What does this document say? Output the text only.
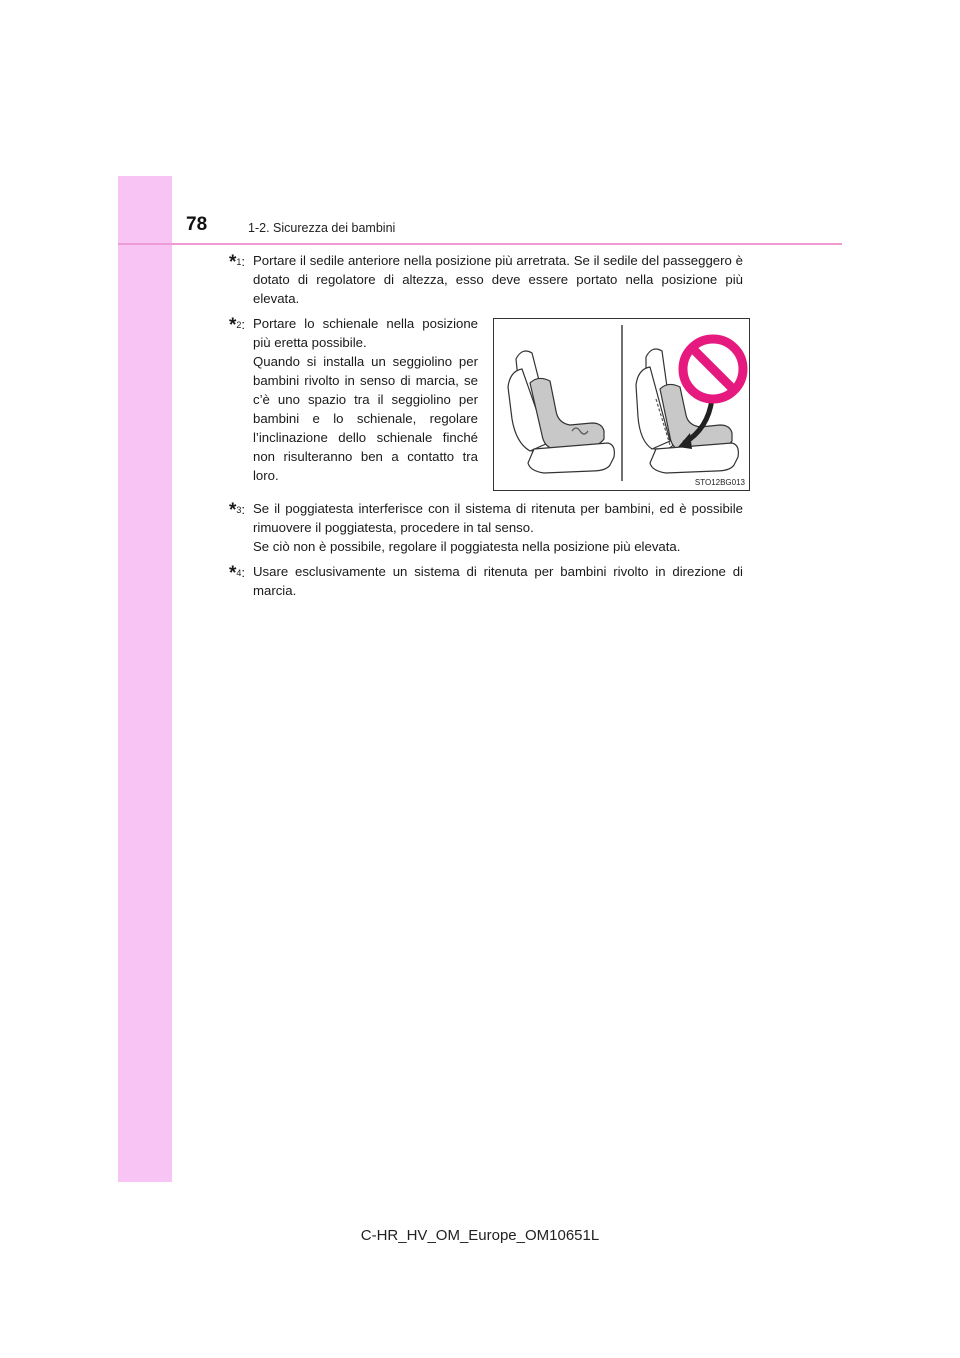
78	1-2. Sicurezza dei bambini
*$^1$: Portare il sedile anteriore nella posizione più arretrata. Se il sedile del passeggero è dotato di regolatore di altezza, esso deve essere portato nella posizione più elevata.

*$^2$: Portare lo schienale nella posizione più eretta possibile.

Quando si installa un seggiolino per bambini rivolto in senso di marcia, se c’è uno spazio tra il seggiolino per bambini e lo schienale, regolare l’inclinazione dello schienale finché non risulteranno ben a contatto tra loro.	STO12BG013
*$^3$: Se il poggiatesta interferisce con il sistema di ritenuta per bambini, ed è possibile rimuovere il poggiatesta, procedere in tal senso.

Se ciò non è possibile, regolare il poggiatesta nella posizione più elevata.

*$^4$: Usare esclusivamente un sistema di ritenuta per bambini rivolto in direzione di marcia.

C-HR_HV_OM_Europe_OM10651L
